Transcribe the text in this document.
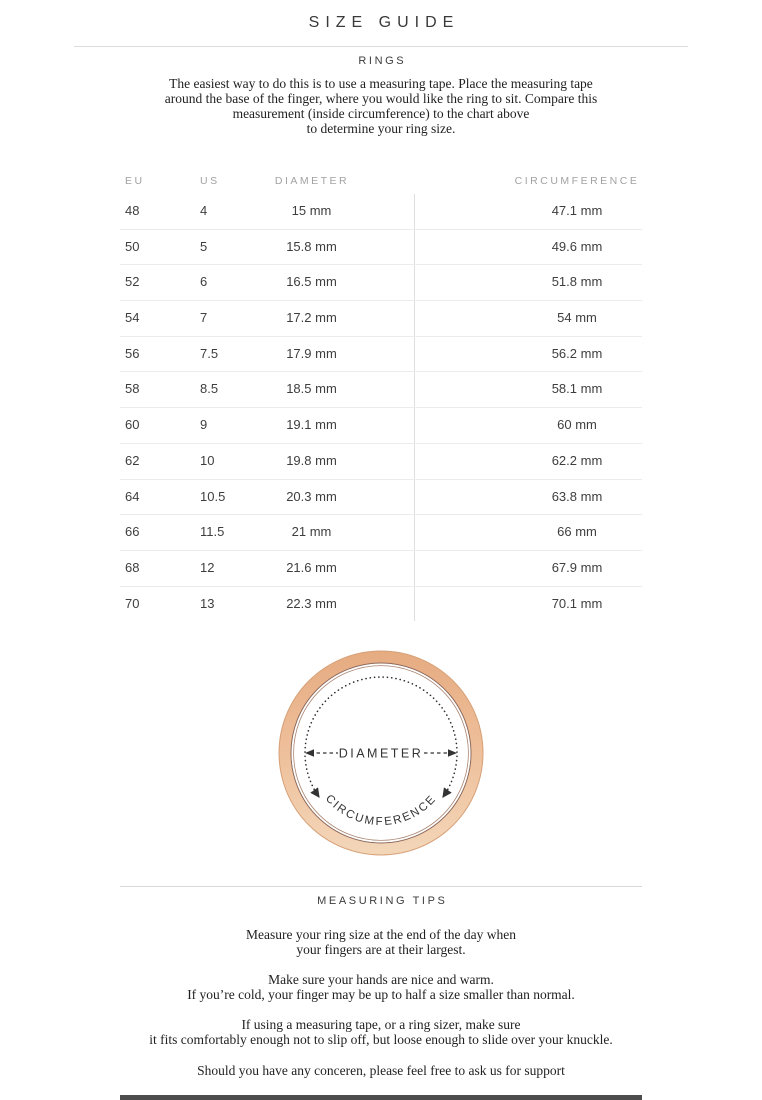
SIZE GUIDE
RINGS
The easiest way to do this is to use a measuring tape. Place the measuring tape
around the base of the finger, where you would like the ring to sit. Compare this
measurement (inside circumference) to the chart above
to determine your ring size.
EU	US	DIAMETER	CIRCUMFERENCE
48	4	15 mm	47.1 mm
50	5	15.8 mm	49.6 mm
52	6	16.5 mm	51.8 mm
54	7	17.2 mm	54 mm
56	7.5	17.9 mm	56.2 mm
58	8.5	18.5 mm	58.1 mm
60	9	19.1 mm	60 mm
62	10	19.8 mm	62.2 mm
64	10.5	20.3 mm	63.8 mm
66	11.5	21 mm	66 mm
68	12	21.6 mm	67.9 mm
70	13	22.3 mm	70.1 mm
DIAMETER
CIRCUMFERENCE
MEASURING TIPS
Measure your ring size at the end of the day when
your fingers are at their largest.
Make sure your hands are nice and warm.
If you’re cold, your finger may be up to half a size smaller than normal.
If using a measuring tape, or a ring sizer, make sure
it fits comfortably enough not to slip off, but loose enough to slide over your knuckle.
Should you have any conceren, please feel free to ask us for support
